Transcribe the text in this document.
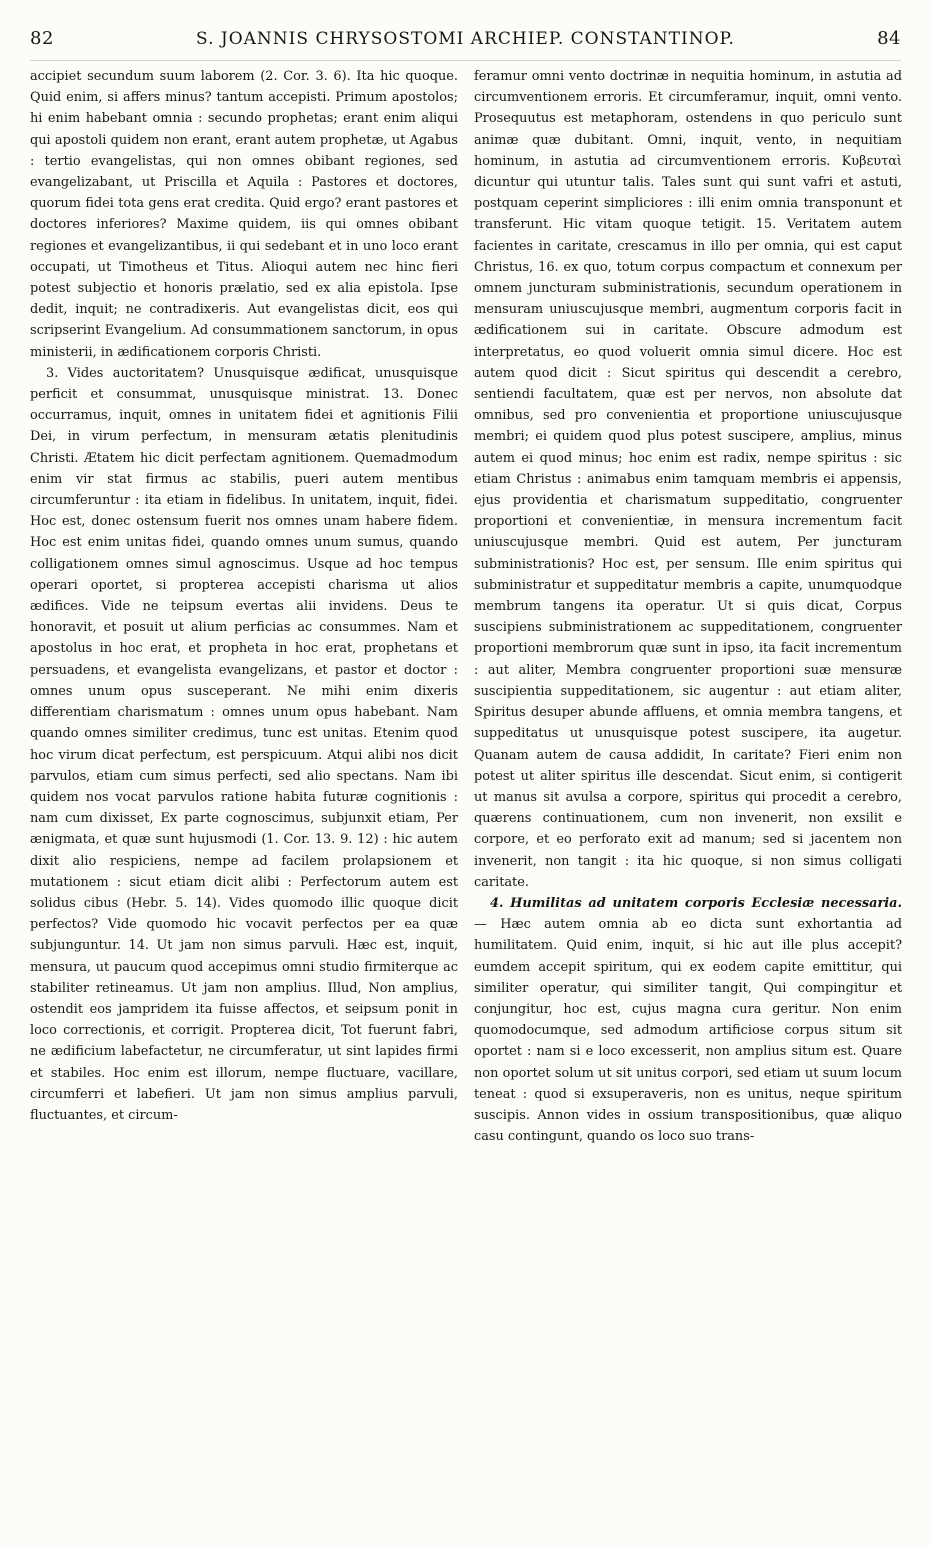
82	S. JOANNIS CHRYSOSTOMI ARCHIEP. CONSTANTINOP.	84

accipiet secundum suum laborem (2. Cor. 3. 6). Ita hic quoque. Quid enim, si affers minus? tantum accepisti. Primum apostolos; hi enim habebant omnia : secundo prophetas; erant enim aliqui qui apostoli quidem non erant, erant autem prophetæ, ut Agabus : tertio evangelistas, qui non omnes obibant regiones, sed evangelizabant, ut Priscilla et Aquila : Pastores et doctores, quorum fidei tota gens erat credita. Quid ergo? erant pastores et doctores inferiores? Maxime quidem, iis qui omnes obibant regiones et evangelizantibus, ii qui sedebant et in uno loco erant occupati, ut Timotheus et Titus. Alioqui autem nec hinc fieri potest subjectio et honoris prælatio, sed ex alia epistola. Ipse dedit, inquit; ne contradixeris. Aut evangelistas dicit, eos qui scripserint Evangelium. Ad consummationem sanctorum, in opus ministerii, in ædificationem corporis Christi.

3. Vides auctoritatem? Unusquisque ædificat, unusquisque perficit et consummat, unusquisque ministrat. 13. Donec occurramus, inquit, omnes in unitatem fidei et agnitionis Filii Dei, in virum perfectum, in mensuram ætatis plenitudinis Christi. Ætatem hic dicit perfectam agnitionem. Quemadmodum enim vir stat firmus ac stabilis, pueri autem mentibus circumferuntur : ita etiam in fidelibus. In unitatem, inquit, fidei. Hoc est, donec ostensum fuerit nos omnes unam habere fidem. Hoc est enim unitas fidei, quando omnes unum sumus, quando colligationem omnes simul agnoscimus. Usque ad hoc tempus operari oportet, si propterea accepisti charisma ut alios ædifices. Vide ne teipsum evertas alii invidens. Deus te honoravit, et posuit ut alium perficias ac consummes. Nam et apostolus in hoc erat, et propheta in hoc erat, prophetans et persuadens, et evangelista evangelizans, et pastor et doctor : omnes unum opus susceperant. Ne mihi enim dixeris differentiam charismatum : omnes unum opus habebant. Nam quando omnes similiter credimus, tunc est unitas. Etenim quod hoc virum dicat perfectum, est perspicuum. Atqui alibi nos dicit parvulos, etiam cum simus perfecti, sed alio spectans. Nam ibi quidem nos vocat parvulos ratione habita futuræ cognitionis : nam cum dixisset, Ex parte cognoscimus, subjunxit etiam, Per ænigmata, et quæ sunt hujusmodi (1. Cor. 13. 9. 12) : hic autem dixit alio respiciens, nempe ad facilem prolapsionem et mutationem : sicut etiam dicit alibi : Perfectorum autem est solidus cibus (Hebr. 5. 14). Vides quomodo illic quoque dicit perfectos? Vide quomodo hic vocavit perfectos per ea quæ subjunguntur. 14. Ut jam non simus parvuli. Hæc est, inquit, mensura, ut paucum quod accepimus omni studio firmiterque ac stabiliter retineamus. Ut jam non amplius. Illud, Non amplius, ostendit eos jampridem ita fuisse affectos, et seipsum ponit in loco correctionis, et corrigit. Propterea dicit, Tot fuerunt fabri, ne ædificium labefactetur, ne circumferatur, ut sint lapides firmi et stabiles. Hoc enim est illorum, nempe fluctuare, vacillare, circumferri et labefieri. Ut jam non simus amplius parvuli, fluctuantes, et circum-

feramur omni vento doctrinæ in nequitia hominum, in astutia ad circumventionem erroris. Et circumferamur, inquit, omni vento. Prosequutus est metaphoram, ostendens in quo periculo sunt animæ quæ dubitant. Omni, inquit, vento, in nequitiam hominum, in astutia ad circumventionem erroris. Κυβευταὶ dicuntur qui utuntur talis. Tales sunt qui sunt vafri et astuti, postquam ceperint simpliciores : illi enim omnia transponunt et transferunt. Hic vitam quoque tetigit. 15. Veritatem autem facientes in caritate, crescamus in illo per omnia, qui est caput Christus, 16. ex quo, totum corpus compactum et connexum per omnem juncturam subministrationis, secundum operationem in mensuram uniuscujusque membri, augmentum corporis facit in ædificationem sui in caritate. Obscure admodum est interpretatus, eo quod voluerit omnia simul dicere. Hoc est autem quod dicit : Sicut spiritus qui descendit a cerebro, sentiendi facultatem, quæ est per nervos, non absolute dat omnibus, sed pro convenientia et proportione uniuscujusque membri; ei quidem quod plus potest suscipere, amplius, minus autem ei quod minus; hoc enim est radix, nempe spiritus : sic etiam Christus : animabus enim tamquam membris ei appensis, ejus providentia et charismatum suppeditatio, congruenter proportioni et convenientiæ, in mensura incrementum facit uniuscujusque membri. Quid est autem, Per juncturam subministrationis? Hoc est, per sensum. Ille enim spiritus qui subministratur et suppeditatur membris a capite, unumquodque membrum tangens ita operatur. Ut si quis dicat, Corpus suscipiens subministrationem ac suppeditationem, congruenter proportioni membrorum quæ sunt in ipso, ita facit incrementum : aut aliter, Membra congruenter proportioni suæ mensuræ suscipientia suppeditationem, sic augentur : aut etiam aliter, Spiritus desuper abunde affluens, et omnia membra tangens, et suppeditatus ut unusquisque potest suscipere, ita augetur. Quanam autem de causa addidit, In caritate? Fieri enim non potest ut aliter spiritus ille descendat. Sicut enim, si contigerit ut manus sit avulsa a corpore, spiritus qui procedit a cerebro, quærens continuationem, cum non invenerit, non exsilit e corpore, et eo perforato exit ad manum; sed si jacentem non invenerit, non tangit : ita hic quoque, si non simus colligati caritate.

4. Humilitas ad unitatem corporis Ecclesiæ necessaria. — Hæc autem omnia ab eo dicta sunt exhortantia ad humilitatem. Quid enim, inquit, si hic aut ille plus accepit? eumdem accepit spiritum, qui ex eodem capite emittitur, qui similiter operatur, qui similiter tangit, Qui compingitur et conjungitur, hoc est, cujus magna cura geritur. Non enim quomodocumque, sed admodum artificiose corpus situm sit oportet : nam si e loco excesserit, non amplius situm est. Quare non oportet solum ut sit unitus corpori, sed etiam ut suum locum teneat : quod si exsuperaveris, non es unitus, neque spiritum suscipis. Annon vides in ossium transpositionibus, quæ aliquo casu contingunt, quando os loco suo trans-
